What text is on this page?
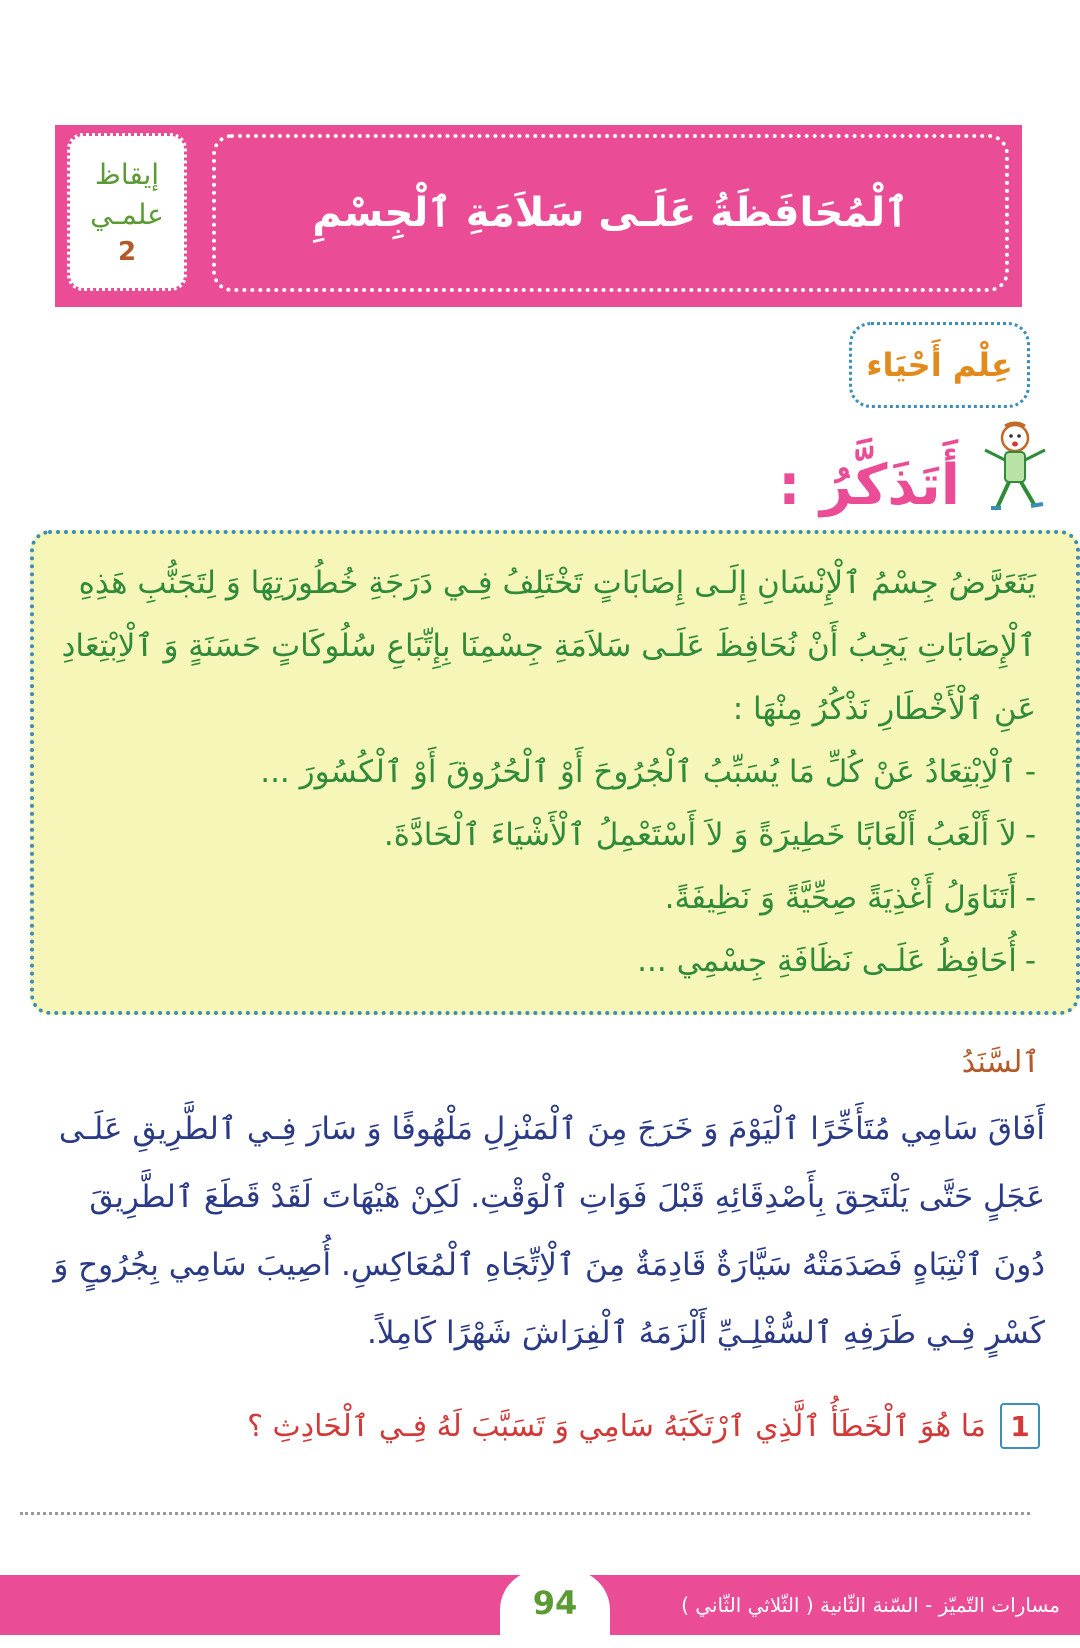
ٱلْمُحَافَظَةُ عَلَـى سَلاَمَةِ ٱلْجِسْمِ
إيقاظ
علمـي
2
عِلْم أَحْيَاء
أَتَذَكَّرُ :

يَتَعَرَّضُ جِسْمُ ٱلْإِنْسَانِ إِلَـى إِصَابَاتٍ تَخْتَلِفُ فِـي دَرَجَةِ خُطُورَتِهَا وَ لِتَجَنُّبِ هَذِهِ ٱلْإِصَابَاتِ يَجِبُ أَنْ نُحَافِظَ عَلَـى سَلاَمَةِ جِسْمِنَا بِإِتِّبَاعِ سُلُوكَاتٍ حَسَنَةٍ وَ ٱلْاِبْتِعَادِ عَنِ ٱلْأَخْطَارِ نَذْكُرُ مِنْهَا :

-ٱلْاِبْتِعَادُ عَنْ كُلِّ مَا يُسَبِّبُ ٱلْجُرُوحَ أَوْ ٱلْحُرُوقَ أَوْ ٱلْكُسُورَ ...
-لاَ أَلْعَبُ أَلْعَابًا خَطِيرَةً وَ لاَ أَسْتَعْمِلُ ٱلْأَشْيَاءَ ٱلْحَادَّةَ.
-أَتَنَاوَلُ أَغْذِيَةً صِحِّيَّةً وَ نَظِيفَةً.
-أُحَافِظُ عَلَـى نَظَافَةِ جِسْمِي ...
ٱلسَّنَدُ
أَفَاقَ سَامِي مُتَأَخِّرًا ٱلْيَوْمَ وَ خَرَجَ مِنَ ٱلْمَنْزِلِ مَلْهُوفًا وَ سَارَ فِـي ٱلطَّرِيقِ عَلَـى عَجَلٍ حَتَّى يَلْتَحِقَ بِأَصْدِقَائِهِ قَبْلَ فَوَاتِ ٱلْوَقْتِ. لَكِنْ هَيْهَاتَ لَقَدْ قَطَعَ ٱلطَّرِيقَ دُونَ ٱنْتِبَاهٍ فَصَدَمَتْهُ سَيَّارَةٌ قَادِمَةٌ مِنَ ٱلْاِتِّجَاهِ ٱلْمُعَاكِسِ. أُصِيبَ سَامِي بِجُرُوحٍ وَ كَسْرٍ فِـي طَرَفِهِ ٱلسُّفْلِـيِّ أَلْزَمَهُ ٱلْفِرَاشَ شَهْرًا كَامِلاً.
1
مَا هُوَ ٱلْخَطَأُ ٱلَّذِي ٱرْتَكَبَهُ سَامِي وَ تَسَبَّبَ لَهُ فِـي ٱلْحَادِثِ ؟
94	مسارات التّميّز - السّنة الثّانية ( الثّلاثي الثّاني )
